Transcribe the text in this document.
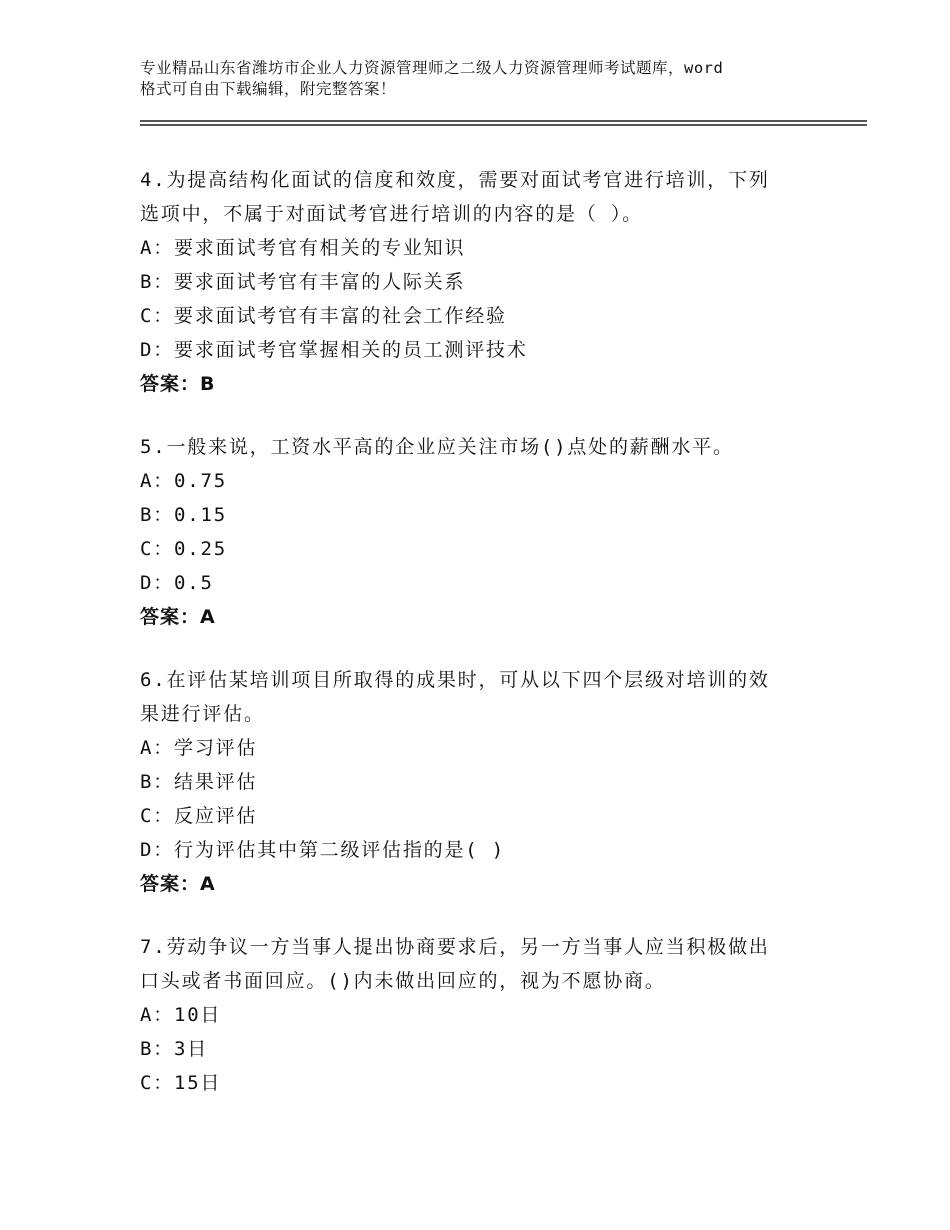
专业精品山东省潍坊市企业人力资源管理师之二级人力资源管理师考试题库，word
格式可自由下载编辑，附完整答案！
4.为提高结构化面试的信度和效度，需要对面试考官进行培训，下列
选项中，不属于对面试考官进行培训的内容的是（ ）。
A：要求面试考官有相关的专业知识
B：要求面试考官有丰富的人际关系
C：要求面试考官有丰富的社会工作经验
D：要求面试考官掌握相关的员工测评技术
答案：B
5.一般来说，工资水平高的企业应关注市场()点处的薪酬水平。
A：0.75
B：0.15
C：0.25
D：0.5
答案：A
6.在评估某培训项目所取得的成果时，可从以下四个层级对培训的效
果进行评估。
A：学习评估
B：结果评估
C：反应评估
D：行为评估其中第二级评估指的是( )
答案：A
7.劳动争议一方当事人提出协商要求后，另一方当事人应当积极做出
口头或者书面回应。()内未做出回应的，视为不愿协商。
A：10日
B：3日
C：15日
